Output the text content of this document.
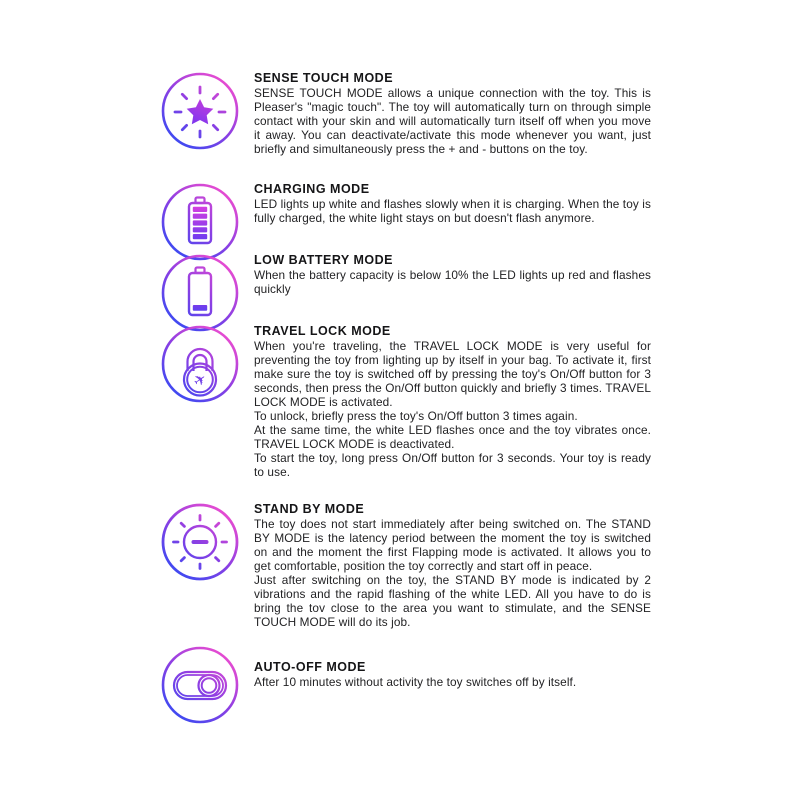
SENSE TOUCH MODE

SENSE TOUCH MODE allows a unique connection with the toy. This is Pleaser's "magic touch". The toy will automatically turn on through simple contact with your skin and will automatically turn itself off when you move it away. You can deactivate/activate this mode whenever you want, just briefly and simultaneously press the + and - buttons on the toy.

CHARGING MODE

LED lights up white and flashes slowly when it is charging. When the toy is fully charged, the white light stays on but doesn't flash anymore.

LOW BATTERY MODE

When the battery capacity is below 10% the LED lights up red and flashes quickly

✈
TRAVEL LOCK MODE

When you're traveling, the TRAVEL LOCK MODE is very useful for preventing the toy from lighting up by itself in your bag. To activate it, first make sure the toy is switched off by pressing the toy's On/Off button for 3 seconds, then press the On/Off button quickly and briefly 3 times. TRAVEL LOCK MODE is activated.

To unlock, briefly press the toy's On/Off button 3 times again.

At the same time, the white LED flashes once and the toy vibrates once. TRAVEL LOCK MODE is deactivated.

To start the toy, long press On/Off button for 3 seconds. Your toy is ready to use.

STAND BY MODE

The toy does not start immediately after being switched on. The STAND BY MODE is the latency period between the moment the toy is switched on and the moment the first Flapping mode is activated. It allows you to get comfortable, position the toy correctly and start off in peace.

Just after switching on the toy, the STAND BY mode is indicated by 2 vibrations and the rapid flashing of the white LED. All you have to do is bring the tov close to the area you want to stimulate, and the SENSE TOUCH MODE will do its job.

AUTO-OFF MODE

After 10 minutes without activity the toy switches off by itself.
